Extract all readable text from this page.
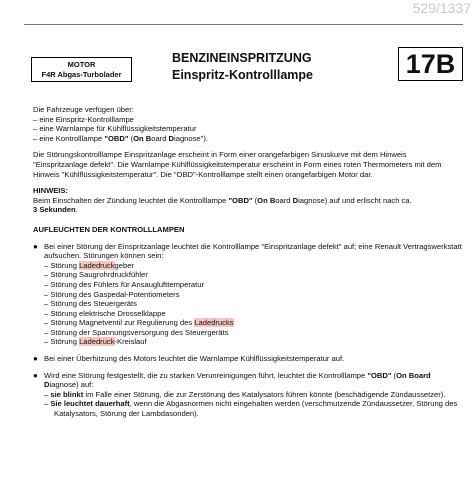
529/1337
MOTOR
F4R Abgas-Turbolader
BENZINEINSPRITZUNG
Einspritz-Kontrolllampe	17B

Die Fahrzeuge verfügen über:

– eine Einspritz-Kontrolllampe
– eine Warnlampe für Kühlflüssigkeitstemperatur
– eine Kontrolllampe "OBD" (On Board Diagnose").

Die Störungskontrolllampe Einspritzanlage erscheint in Form einer orangefarbigen Sinuskurve mit dem Hinweis "Einspritzanlage defekt". Die Warnlampe Kühlflüssigkeitstemperatur erscheint in Form eines roten Thermometers mit dem Hinweis "Kühlflüssigkeitstemperatur". Die "OBD"-Kontrolllampe stellt einen orangefarbigen Motor dar.

HINWEIS:

Beim Einschalten der Zündung leuchtet die Kontrolllampe "OBD" (On Board Diagnose) auf und erlischt nach ca.
3 Sekunden.

AUFLEUCHTEN DER KONTROLLLAMPEN

● Bei einer Störung der Einspritzanlage leuchtet die Kontrolllampe "Einspritzanlage defekt" auf; eine Renault Vertragswerkstatt aufsuchen. Störungen können sein:

– Störung Ladedruckgeber
– Störung Saugrohrdruckfühler
– Störung des Fühlers für Ansauglufttemperatur
– Störung des Gaspedal-Potentiometers
– Störung des Steuergeräts
– Störung elektrische Drosselklappe
– Störung Magnetventil zur Regulierung des Ladedrucks
– Störung der Spannungsversorgung des Steuergeräts
– Störung Ladedruck-Kreislauf
● Bei einer Überhitzung des Motors leuchtet die Warnlampe Kühlflüssigkeitstemperatur auf.

● Wird eine Störung festgestellt, die zu starken Verunreinigungen führt, leuchtet die Kontrolllampe "OBD" (On Board Diagnose) auf:

– sie blinkt im Falle einer Störung, die zur Zerstörung des Katalysators führen könnte (beschädigende Zündaussetzer).
– Sie leuchtet dauerhaft, wenn die Abgasnormen nicht eingehalten werden (verschmutzende Zündaussetzer, Störung des Katalysators, Störung der Lambdasonden).
